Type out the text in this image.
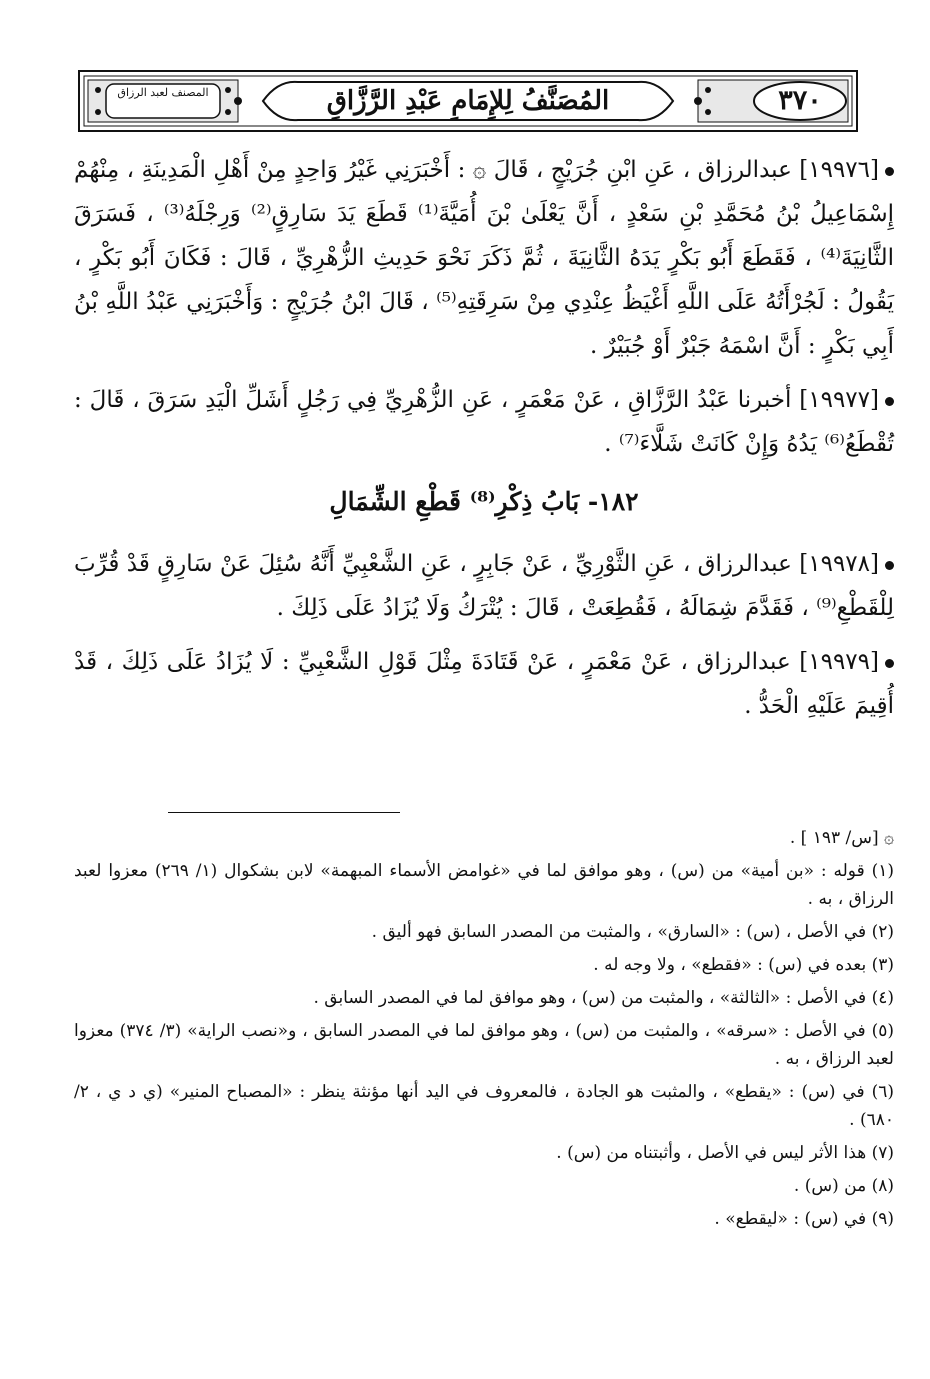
٣٧٠
المُصَنَّفُ لِلإِمَامِ عَبْدِ الرَّزَّاقِ
المصنف لعبد الرزاق

[١٩٩٧٦] عبدالرزاق ، عَنِ ابْنِ جُرَيْجٍ ، قَالَ ۞ : أَخْبَرَنِي غَيْرُ وَاحِدٍ مِنْ أَهْلِ الْمَدِينَةِ ، مِنْهُمْ إِسْمَاعِيلُ بْنُ مُحَمَّدِ بْنِ سَعْدٍ ، أَنَّ يَعْلَىٰ بْنَ أُمَيَّةَ⁽¹⁾ قَطَعَ يَدَ سَارِقٍ⁽²⁾ وَرِجْلَهُ⁽³⁾ ، فَسَرَقَ الثَّانِيَةَ⁽⁴⁾ ، فَقَطَعَ أَبُو بَكْرٍ يَدَهُ الثَّانِيَةَ ، ثُمَّ ذَكَرَ نَحْوَ حَدِيثِ الزُّهْرِيِّ ، قَالَ : فَكَانَ أَبُو بَكْرٍ ، يَقُولُ : لَجُرْأَتُهُ عَلَى اللَّهِ أَغْيَظُ عِنْدِي مِنْ سَرِقَتِهِ⁽⁵⁾ ، قَالَ ابْنُ جُرَيْجٍ : وَأَخْبَرَنِي عَبْدُ اللَّهِ بْنُ أَبِي بَكْرٍ : أَنَّ اسْمَهُ جَبْرٌ أَوْ جُبَيْرٌ .

[١٩٩٧٧] أخبرنا عَبْدُ الرَّزَّاقِ ، عَنْ مَعْمَرٍ ، عَنِ الزُّهْرِيِّ فِي رَجُلٍ أَشَلِّ الْيَدِ سَرَقَ ، قَالَ : تُقْطَعُ⁽⁶⁾ يَدُهُ وَإِنْ كَانَتْ شَلَّاءَ⁽⁷⁾ .

١٨٢- بَابُ ذِكْرِ⁽⁸⁾ قَطْعِ الشِّمَالِ

[١٩٩٧٨] عبدالرزاق ، عَنِ الثَّوْرِيِّ ، عَنْ جَابِرٍ ، عَنِ الشَّعْبِيِّ أَنَّهُ سُئِلَ عَنْ سَارِقٍ قَدْ قُرِّبَ لِلْقَطْعِ⁽⁹⁾ ، فَقَدَّمَ شِمَالَهُ ، فَقُطِعَتْ ، قَالَ : يُتْرَكُ وَلَا يُزَادُ عَلَى ذَلِكَ .

[١٩٩٧٩] عبدالرزاق ، عَنْ مَعْمَرٍ ، عَنْ قَتَادَةَ مِثْلَ قَوْلِ الشَّعْبِيِّ : لَا يُزَادُ عَلَى ذَلِكَ ، قَدْ أُقِيمَ عَلَيْهِ الْحَدُّ .

۞ [س/ ١٩٣ ] .

(١) قوله : «بن أمية» من (س) ، وهو موافق لما في «غوامض الأسماء المبهمة» لابن بشكوال (١/ ٢٦٩) معزوا لعبد الرزاق ، به .

(٢) في الأصل ، (س) : «السارق» ، والمثبت من المصدر السابق فهو أليق .

(٣) بعده في (س) : «فقطع» ، ولا وجه له .

(٤) في الأصل : «الثالثة» ، والمثبت من (س) ، وهو موافق لما في المصدر السابق .

(٥) في الأصل : «سرقه» ، والمثبت من (س) ، وهو موافق لما في المصدر السابق ، و«نصب الراية» (٣/ ٣٧٤) معزوا لعبد الرزاق ، به .

(٦) في (س) : «يقطع» ، والمثبت هو الجادة ، فالمعروف في اليد أنها مؤنثة ينظر : «المصباح المنير» (ي د ي ، ٢/ ٦٨٠) .

(٧) هذا الأثر ليس في الأصل ، وأثبتناه من (س) .

(٨) من (س) .

(٩) في (س) : «ليقطع» .
